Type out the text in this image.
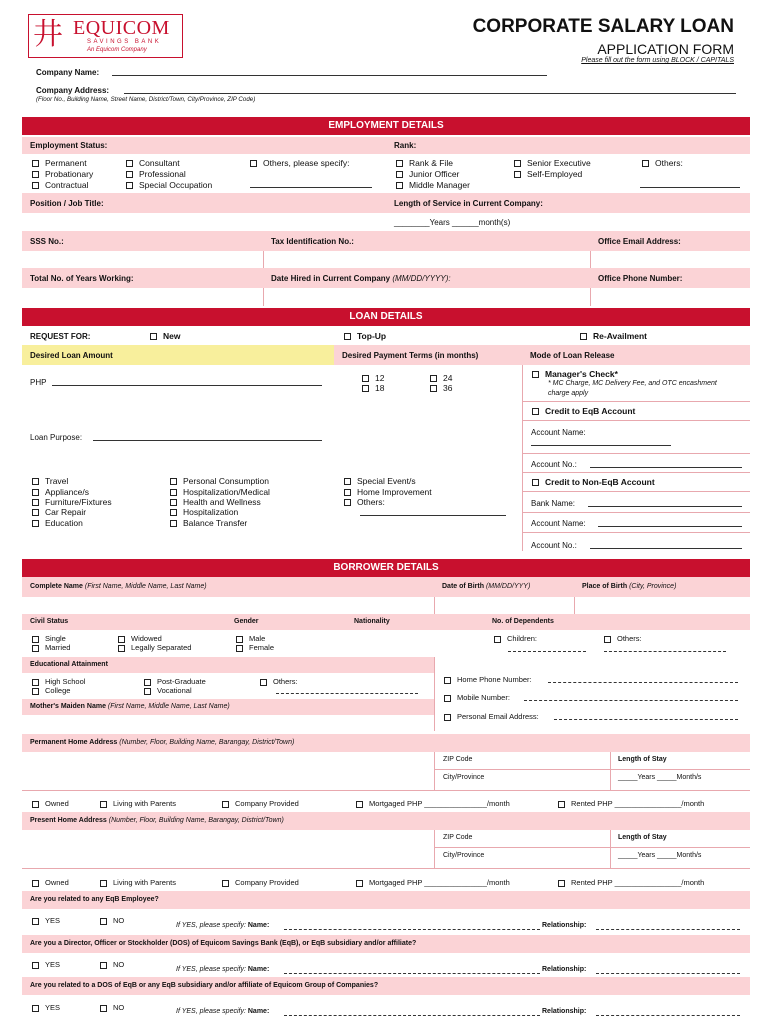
井 EQUICOM
SAVINGS BANK
An Equicom Company
CORPORATE SALARY LOAN
APPLICATION FORM
Please fill out the form using BLOCK / CAPITALS
Company Name:
Company Address:
(Floor No., Building Name, Street Name, District/Town, City/Province, ZIP Code)
EMPLOYMENT DETAILS
Employment Status:	Rank:
Permanent
Probationary
Contractual
Consultant
Professional
Special Occupation
Others, please specify:	Rank & File
Junior Officer
Middle Manager
Senior Executive
Self-Employed
Others:
Position / Job Title:	Length of Service in Current Company:
________Years ______month(s)
SSS No.:	Tax Identification No.:	Office Email Address:
Total No. of Years Working:	Date Hired in Current Company (MM/DD/YYYY):	Office Phone Number:
LOAN DETAILS
REQUEST FOR:	New	Top-Up	Re-Availment
Desired Loan Amount	Desired Payment Terms (in months)	Mode of Loan Release
PHP	12
18
24
36
Manager's Check*
* MC Charge, MC Delivery Fee, and OTC encashment charge apply
Credit to EqB Account
Account Name:
Account No.:
Credit to Non-EqB Account
Bank Name:
Account Name:
Account No.:
Loan Purpose:
Travel
Appliance/s
Furniture/Fixtures
Car Repair
Education
Personal Consumption
Hospitalization/Medical
Health and Wellness
Hospitalization
Balance Transfer
Special Event/s
Home Improvement
Others:
BORROWER DETAILS
Complete Name (First Name, Middle Name, Last Name)	Date of Birth (MM/DD/YYY)	Place of Birth (City, Province)
Civil Status	Gender	Nationality	No. of Dependents
Single
Married
Widowed
Legally Separated
Male
Female
Children:	Others:
Educational Attainment
High School
College
Post-Graduate
Vocational
Others:	Home Phone Number:
Mobile Number:
Personal Email Address:
Mother's Maiden Name (First Name, Middle Name, Last Name)
Permanent Home Address (Number, Floor, Building Name, Barangay, District/Town)
ZIP Code	Length of Stay
City/Province	_____Years _____Month/s
Owned	Living with Parents	Company Provided	Mortgaged PHP _______________/month	Rented PHP ________________/month
Present Home Address (Number, Floor, Building Name, Barangay, District/Town)
ZIP Code	Length of Stay
City/Province	_____Years _____Month/s
Owned	Living with Parents	Company Provided	Mortgaged PHP _______________/month	Rented PHP ________________/month
Are you related to any EqB Employee?
YES	NO
If YES, please specify: Name:	Relationship:
Are you a Director, Officer or Stockholder (DOS) of Equicom Savings Bank (EqB), or EqB subsidiary and/or affiliate?
YES	NO
If YES, please specify: Name:	Relationship:
Are you related to a DOS of EqB or any EqB subsidiary and/or affiliate of Equicom Group of Companies?
YES	NO	If YES, please specify: Name:	Relationship:
